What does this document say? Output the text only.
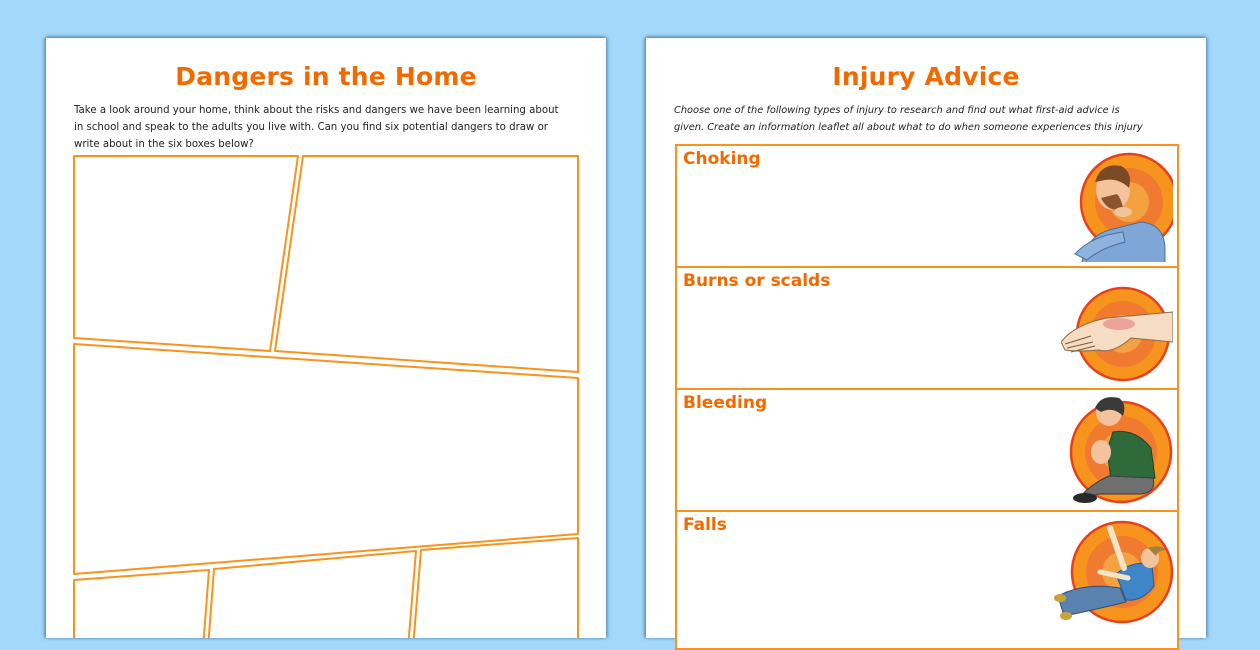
Dangers in the Home
Take a look around your home, think about the risks and dangers we have been learning about
in school and speak to the adults you live with. Can you find six potential dangers to draw or
write about in the six boxes below?
Injury Advice
Choose one of the following types of injury to research and find out what first-aid advice is
given. Create an information leaflet all about what to do when someone experiences this injury
Choking
Burns or scalds
Bleeding
Falls
